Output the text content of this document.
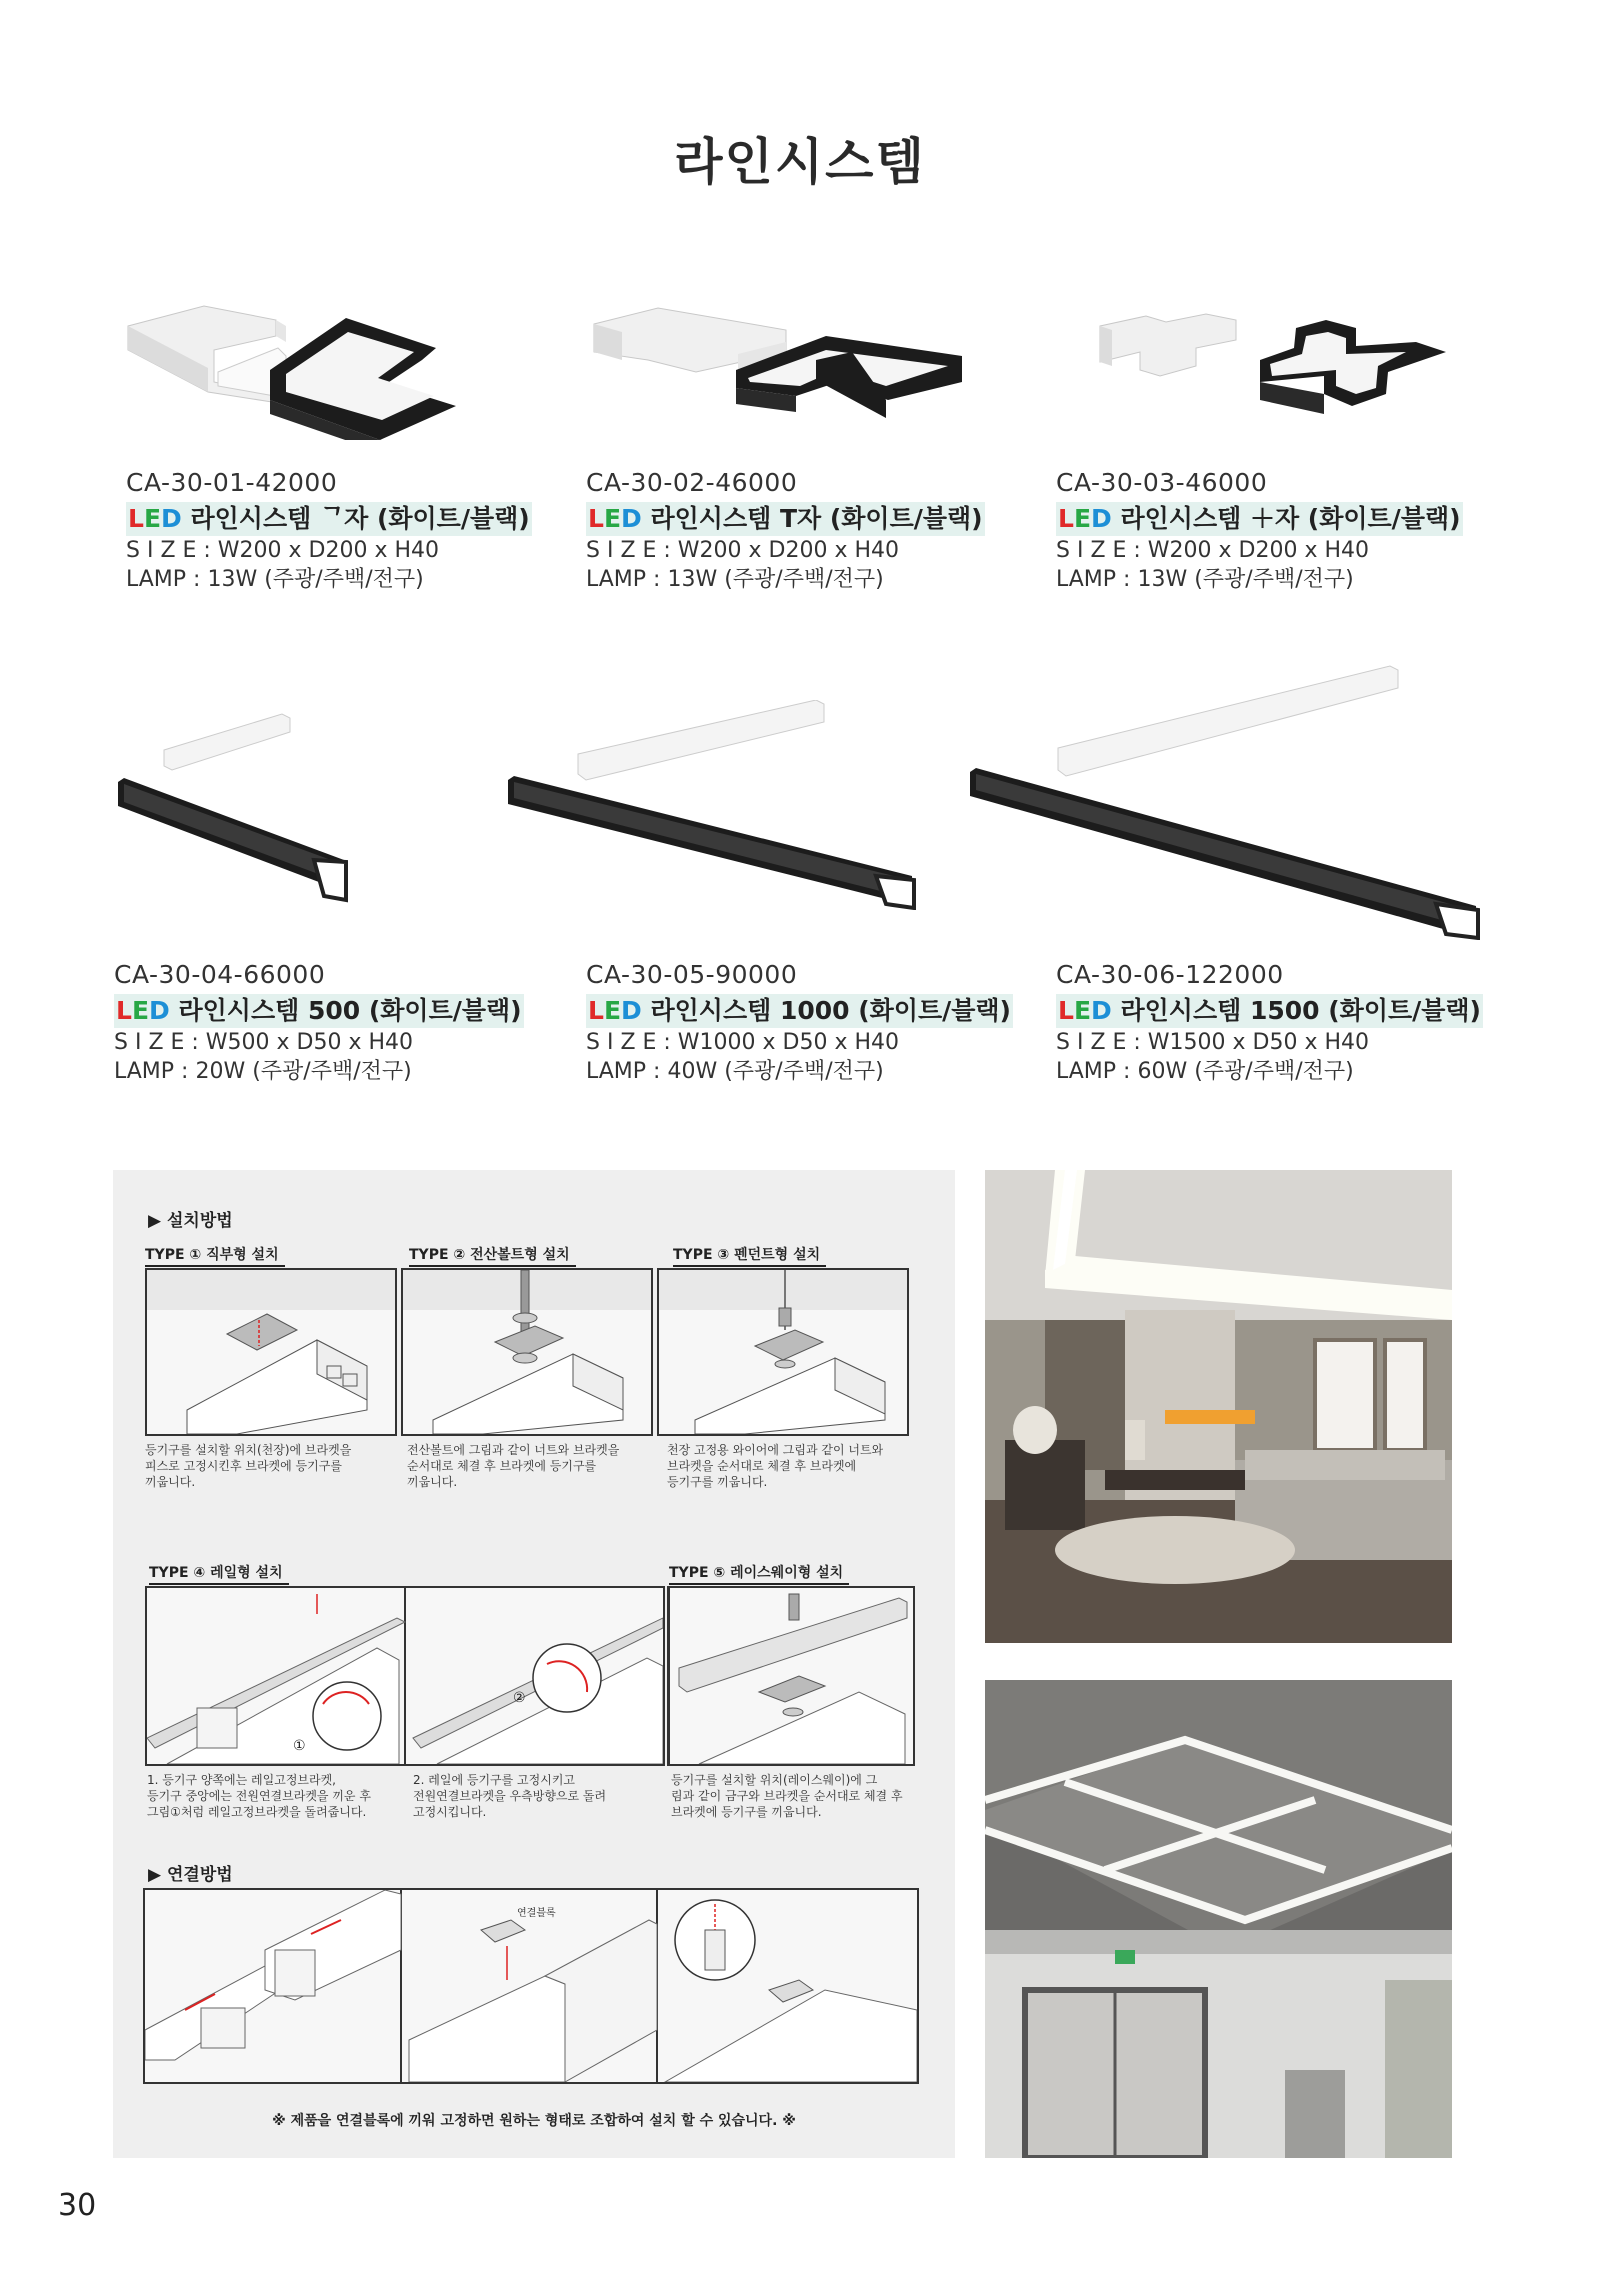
라인시스템
CA-30-01-42000
LED 라인시스템 ᄀ자 (화이트/블랙)
S I Z E : W200 x D200 x H40
LAMP : 13W (주광/주백/전구)
CA-30-02-46000
LED 라인시스템 T자 (화이트/블랙)
S I Z E : W200 x D200 x H40
LAMP : 13W (주광/주백/전구)
CA-30-03-46000
LED 라인시스템 ＋자 (화이트/블랙)
S I Z E : W200 x D200 x H40
LAMP : 13W (주광/주백/전구)
CA-30-04-66000
LED 라인시스템 500 (화이트/블랙)
S I Z E : W500 x D50 x H40
LAMP : 20W (주광/주백/전구)
CA-30-05-90000
LED 라인시스템 1000 (화이트/블랙)
S I Z E : W1000 x D50 x H40
LAMP : 40W (주광/주백/전구)
CA-30-06-122000
LED 라인시스템 1500 (화이트/블랙)
S I Z E : W1500 x D50 x H40
LAMP : 60W (주광/주백/전구)
▶ 설치방법
TYPE ① 직부형 설치	TYPE ② 전산볼트형 설치	TYPE ③ 펜던트형 설치
등기구를 설치할 위치(천장)에 브라켓을
피스로 고정시킨후 브라켓에 등기구를
끼웁니다.
전산볼트에 그림과 같이 너트와 브라켓을
순서대로 체결 후 브라켓에 등기구를
끼웁니다.
천장 고정용 와이어에 그림과 같이 너트와
브라켓을 순서대로 체결 후 브라켓에
등기구를 끼웁니다.
TYPE ④ 레일형 설치	TYPE ⑤ 레이스웨이형 설치
①
②
1. 등기구 양쪽에는 레일고정브라켓,
등기구 중앙에는 전원연결브라켓을 끼운 후
그림①처럼 레일고정브라켓을 돌려줍니다.
2. 레일에 등기구를 고정시키고
전원연결브라켓을 우측방향으로 돌려
고정시킵니다.
등기구를 설치할 위치(레이스웨이)에 그
림과 같이 금구와 브라켓을 순서대로 체결 후
브라켓에 등기구를 끼웁니다.
▶ 연결방법
연결블록
※ 제품을 연결블록에 끼워 고정하면 원하는 형태로 조합하여 설치 할 수 있습니다. ※
30
